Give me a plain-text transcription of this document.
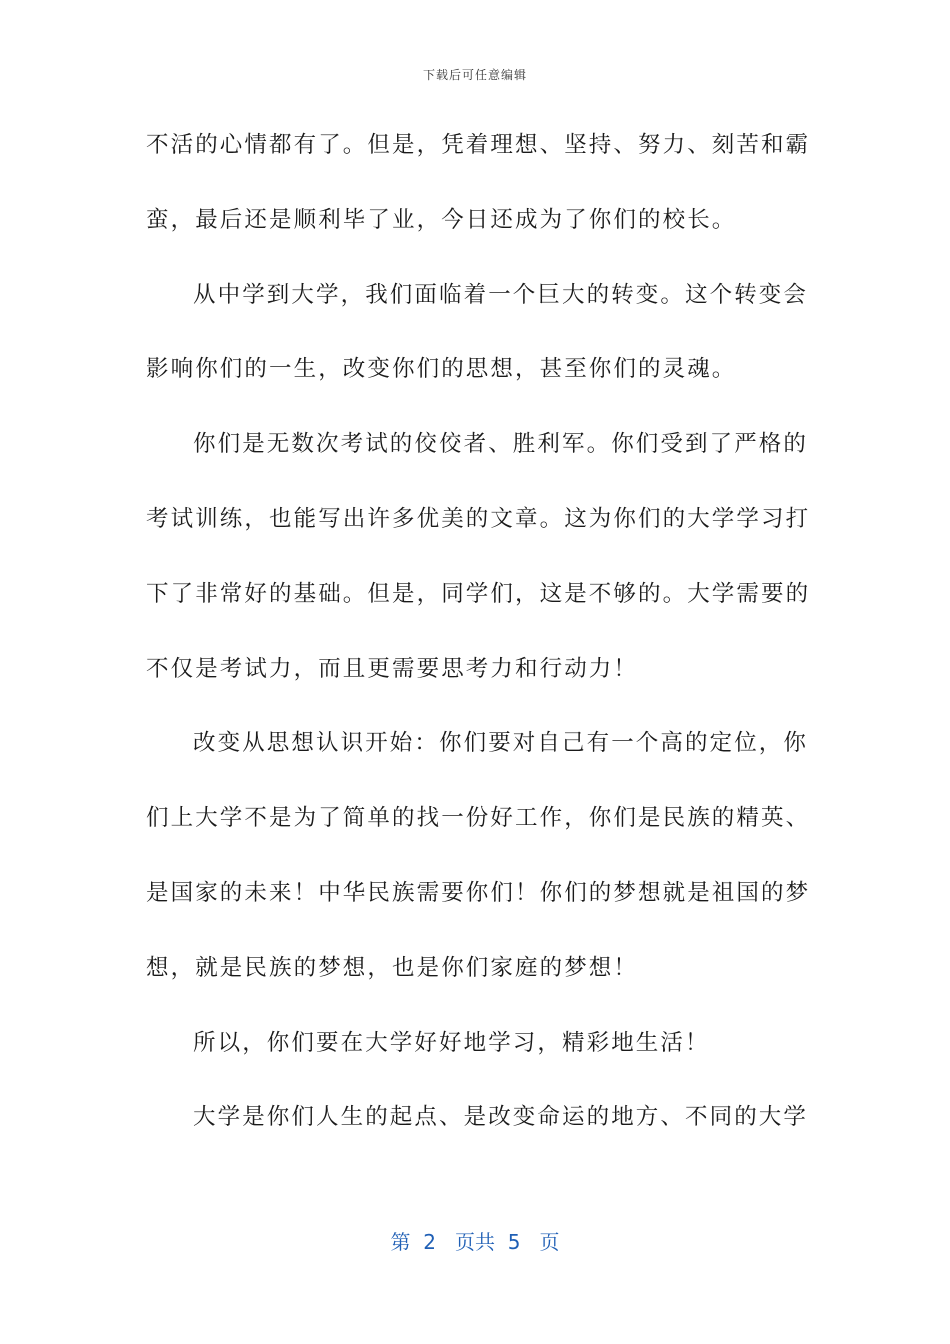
下载后可任意编辑
不活的心情都有了。但是，凭着理想、坚持、努力、刻苦和霸
蛮，最后还是顺利毕了业，今日还成为了你们的校长。
从中学到大学，我们面临着一个巨大的转变。这个转变会
影响你们的一生，改变你们的思想，甚至你们的灵魂。
你们是无数次考试的佼佼者、胜利军。你们受到了严格的
考试训练，也能写出许多优美的文章。这为你们的大学学习打
下了非常好的基础。但是，同学们，这是不够的。大学需要的
不仅是考试力，而且更需要思考力和行动力！
改变从思想认识开始：你们要对自己有一个高的定位，你
们上大学不是为了简单的找一份好工作，你们是民族的精英、
是国家的未来！中华民族需要你们！你们的梦想就是祖国的梦
想，就是民族的梦想，也是你们家庭的梦想！
所以，你们要在大学好好地学习，精彩地生活！
大学是你们人生的起点、是改变命运的地方、不同的大学
第  2   页共  5   页
